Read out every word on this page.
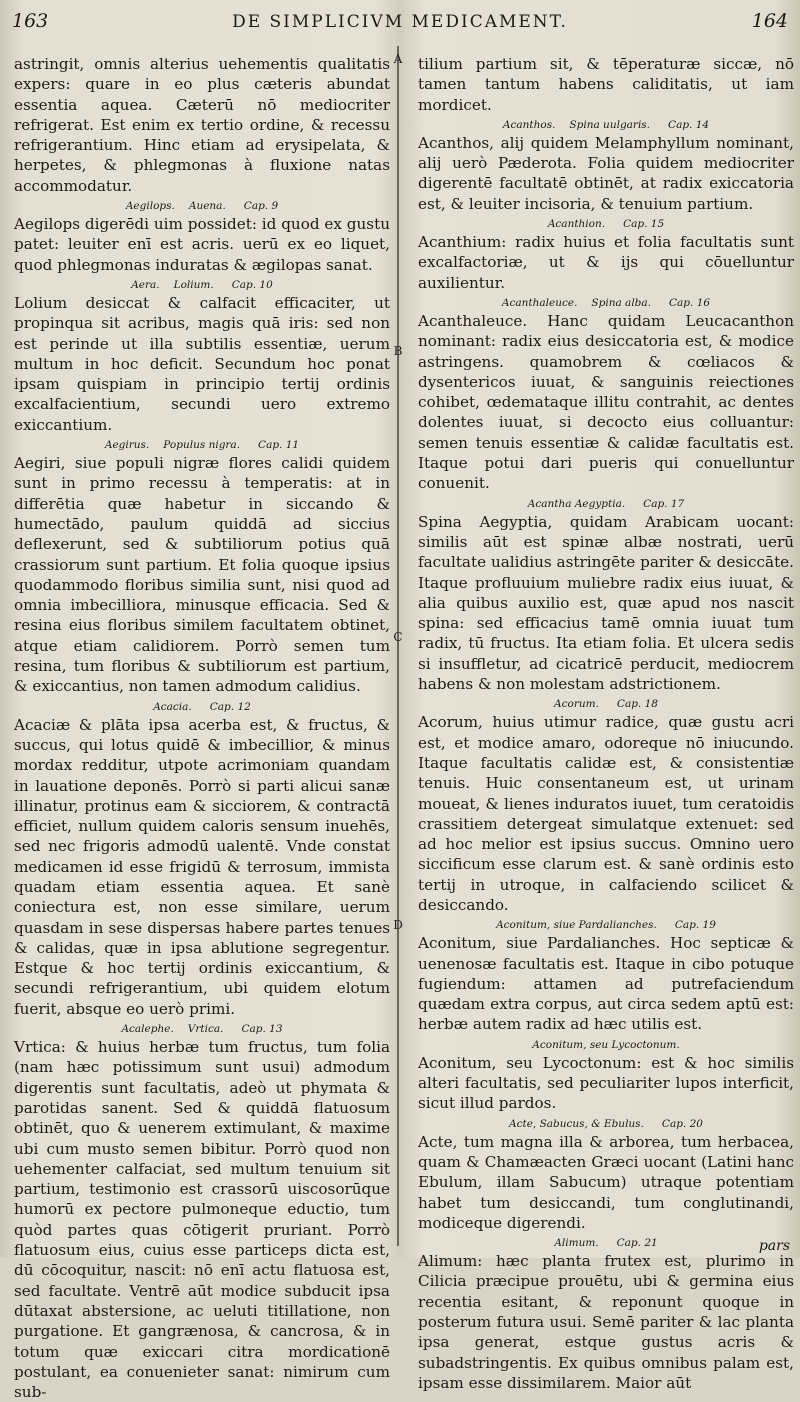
163	DE SIMPLICIVM MEDICAMENT.	164
A
B
C
D

astringit, omnis alterius uehementis qualitatis expers: quare in eo plus cæteris abundat essentia aquea. Cæterū nō mediocriter refrigerat. Est enim ex tertio ordine, & recessu refrigerantium. Hinc etiam ad erysipelata, & herpetes, & phlegmonas à fluxione natas accommodatur.

Aegilops. Auena. Cap. 9

Aegilops digerēdi uim possidet: id quod ex gustu patet: leuiter enī est acris. uerū ex eo liquet, quod phlegmonas induratas & ægilopas sanat.

Aera. Lolium. Cap. 10

Lolium desiccat & calfacit efficaciter, ut propinqua sit acribus, magis quā iris: sed non est perinde ut illa subtilis essentiæ, uerum multum in hoc deficit. Secundum hoc ponat ipsam quispiam in principio tertij ordinis excalfacientium, secundi uero extremo exiccantium.

Aegirus. Populus nigra. Cap. 11

Aegiri, siue populi nigræ flores calidi quidem sunt in primo recessu à temperatis: at in differētia quæ habetur in siccando & humectādo, paulum quiddā ad siccius deflexerunt, sed & subtiliorum potius quā crassiorum sunt partium. Et folia quoque ipsius quodammodo floribus similia sunt, nisi quod ad omnia imbecilliora, minusque efficacia. Sed & resina eius floribus similem facultatem obtinet, atque etiam calidiorem. Porrò semen tum resina, tum floribus & subtiliorum est partium, & exiccantius, non tamen admodum calidius.

Acacia. Cap. 12

Acaciæ & plāta ipsa acerba est, & fructus, & succus, qui lotus quidē & imbecillior, & minus mordax redditur, utpote acrimoniam quandam in lauatione deponēs. Porrò si parti alicui sanæ illinatur, protinus eam & sicciorem, & contractā efficiet, nullum quidem caloris sensum inuehēs, sed nec frigoris admodū ualentē. Vnde constat medicamen id esse frigidū & terrosum, immista quadam etiam essentia aquea. Et sanè coniectura est, non esse similare, uerum quasdam in sese dispersas habere partes tenues & calidas, quæ in ipsa ablutione segregentur. Estque & hoc tertij ordinis exiccantium, & secundi refrigerantium, ubi quidem elotum fuerit, absque eo uerò primi.

Acalephe. Vrtica. Cap. 13

Vrtica: & huius herbæ tum fructus, tum folia (nam hæc potissimum sunt usui) admodum digerentis sunt facultatis, adeò ut phymata & parotidas sanent. Sed & quiddā flatuosum obtinēt, quo & uenerem extimulant, & maxime ubi cum musto semen bibitur. Porrò quod non uehementer calfaciat, sed multum tenuium sit partium, testimonio est crassorū uiscosorūque humorū ex pectore pulmoneque eductio, tum quòd partes quas cōtigerit pruriant. Porrò flatuosum eius, cuius esse particeps dicta est, dū cōcoquitur, nascit: nō enī actu flatuosa est, sed facultate. Ventrē aūt modice subducit ipsa dūtaxat abstersione, ac ueluti titillatione, non purgatione. Et gangrænosa, & cancrosa, & in totum quæ exiccari citra mordicationē postulant, ea conuenieter sanat: nimirum cum sub-

tilium partium sit, & tēperaturæ siccæ, nō tamen tantum habens caliditatis, ut iam mordicet.

Acanthos. Spina uulgaris. Cap. 14

Acanthos, alij quidem Melamphyllum nominant, alij uerò Pæderota. Folia quidem mediocriter digerentē facultatē obtinēt, at radix exiccatoria est, & leuiter incisoria, & tenuium partium.

Acanthion. Cap. 15

Acanthium: radix huius et folia facultatis sunt excalfactoriæ, ut & ijs qui cōuelluntur auxilientur.

Acanthaleuce. Spina alba. Cap. 16

Acanthaleuce. Hanc quidam Leucacanthon nominant: radix eius desiccatoria est, & modice astringens. quamobrem & cœliacos & dysentericos iuuat, & sanguinis reiectiones cohibet, œdemataque illitu contrahit, ac dentes dolentes iuuat, si decocto eius colluantur: semen tenuis essentiæ & calidæ facultatis est. Itaque potui dari pueris qui conuelluntur conuenit.

Acantha Aegyptia. Cap. 17

Spina Aegyptia, quidam Arabicam uocant: similis aūt est spinæ albæ nostrati, uerū facultate ualidius astringēte pariter & desiccāte. Itaque profluuium muliebre radix eius iuuat, & alia quibus auxilio est, quæ apud nos nascit spina: sed efficacius tamē omnia iuuat tum radix, tū fructus. Ita etiam folia. Et ulcera sedis si insuffletur, ad cicatricē perducit, mediocrem habens & non molestam adstrictionem.

Acorum. Cap. 18

Acorum, huius utimur radice, quæ gustu acri est, et modice amaro, odoreque nō iniucundo. Itaque facultatis calidæ est, & consistentiæ tenuis. Huic consentaneum est, ut urinam moueat, & lienes induratos iuuet, tum ceratoidis crassitiem detergeat simulatque extenuet: sed ad hoc melior est ipsius succus. Omnino uero siccificum esse clarum est. & sanè ordinis esto tertij in utroque, in calfaciendo scilicet & desiccando.

Aconitum, siue Pardalianches. Cap. 19

Aconitum, siue Pardalianches. Hoc septicæ & uenenosæ facultatis est. Itaque in cibo potuque fugiendum: attamen ad putrefaciendum quædam extra corpus, aut circa sedem aptū est: herbæ autem radix ad hæc utilis est.

Aconitum, seu Lycoctonum.

Aconitum, seu Lycoctonum: est & hoc similis alteri facultatis, sed peculiariter lupos interficit, sicut illud pardos.

Acte, Sabucus, & Ebulus. Cap. 20

Acte, tum magna illa & arborea, tum herbacea, quam & Chamæacten Græci uocant (Latini hanc Ebulum, illam Sabucum) utraque potentiam habet tum desiccandi, tum conglutinandi, modiceque digerendi.

Alimum. Cap. 21

Alimum: hæc planta frutex est, plurimo in Cilicia præcipue prouētu, ubi & germina eius recentia esitant, & reponunt quoque in posterum futura usui. Semē pariter & lac planta ipsa generat, estque gustus acris & subadstringentis. Ex quibus omnibus palam est, ipsam esse dissimilarem. Maior aūt

pars
